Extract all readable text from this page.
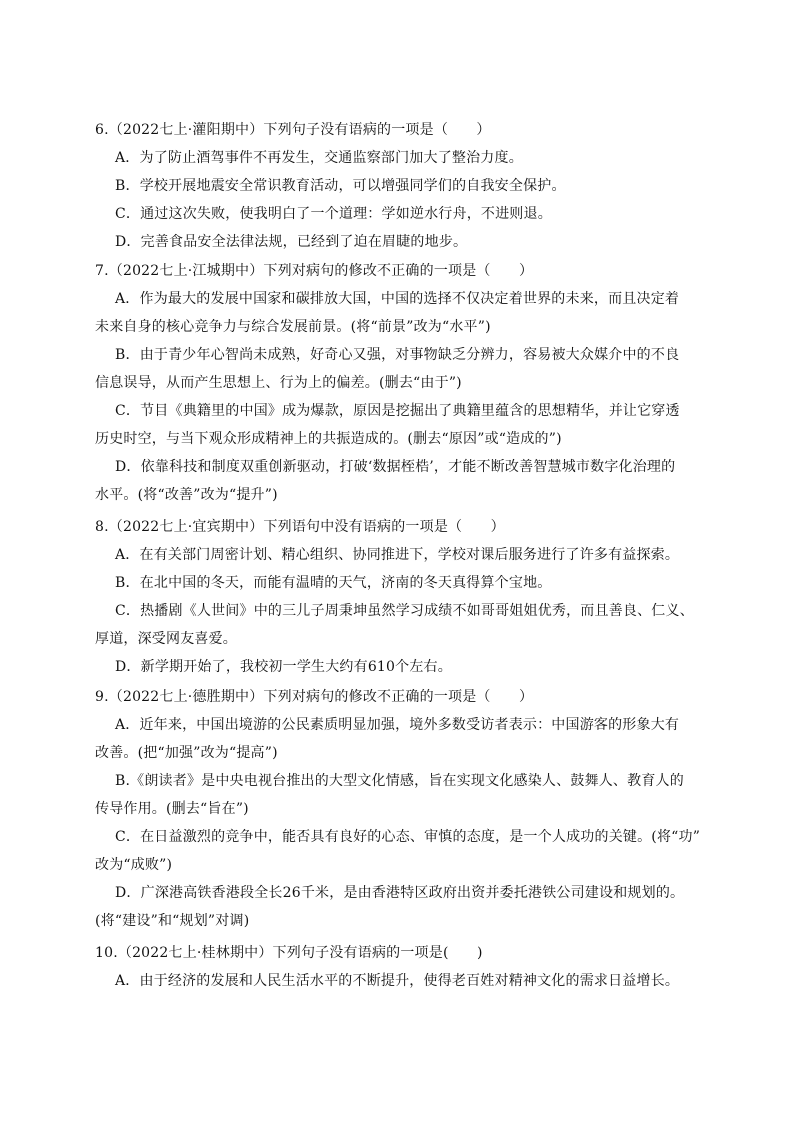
6.（2022七上·灌阳期中）下列句子没有语病的一项是（　　）
A．为了防止酒驾事件不再发生，交通监察部门加大了整治力度。
B．学校开展地震安全常识教育活动，可以增强同学们的自我安全保护。
C．通过这次失败，使我明白了一个道理：学如逆水行舟，不进则退。
D．完善食品安全法律法规，已经到了迫在眉睫的地步。
7.（2022七上·江城期中）下列对病句的修改不正确的一项是（　　）
A．作为最大的发展中国家和碳排放大国，中国的选择不仅决定着世界的未来，而且决定着
未来自身的核心竞争力与综合发展前景。(将“前景”改为“水平”)
B．由于青少年心智尚未成熟，好奇心又强，对事物缺乏分辨力，容易被大众媒介中的不良
信息误导，从而产生思想上、行为上的偏差。(删去“由于”)
C．节目《典籍里的中国》成为爆款，原因是挖掘出了典籍里蕴含的思想精华，并让它穿透
历史时空，与当下观众形成精神上的共振造成的。(删去“原因”或“造成的”)
D．依靠科技和制度双重创新驱动，打破‘数据桎梏’，才能不断改善智慧城市数字化治理的
水平。(将“改善”改为“提升”)
8.（2022七上·宜宾期中）下列语句中没有语病的一项是（　　）
A．在有关部门周密计划、精心组织、协同推进下，学校对课后服务进行了许多有益探索。
B．在北中国的冬天，而能有温晴的天气，济南的冬天真得算个宝地。
C．热播剧《人世间》中的三儿子周秉坤虽然学习成绩不如哥哥姐姐优秀，而且善良、仁义、
厚道，深受网友喜爱。
D．新学期开始了，我校初一学生大约有610个左右。
9.（2022七上·德胜期中）下列对病句的修改不正确的一项是（　　）
A．近年来，中国出境游的公民素质明显加强，境外多数受访者表示：中国游客的形象大有
改善。(把“加强”改为“提高”)
B.《朗读者》是中央电视台推出的大型文化情感，旨在实现文化感染人、鼓舞人、教育人的
传导作用。(删去“旨在”)
C．在日益激烈的竞争中，能否具有良好的心态、审慎的态度，是一个人成功的关键。(将“功”
改为“成败”)
D．广深港高铁香港段全长26千米，是由香港特区政府出资并委托港铁公司建设和规划的。
(将“建设”和“规划”对调)
10.（2022七上·桂林期中）下列句子没有语病的一项是(　　)
A．由于经济的发展和人民生活水平的不断提升，使得老百姓对精神文化的需求日益增长。
